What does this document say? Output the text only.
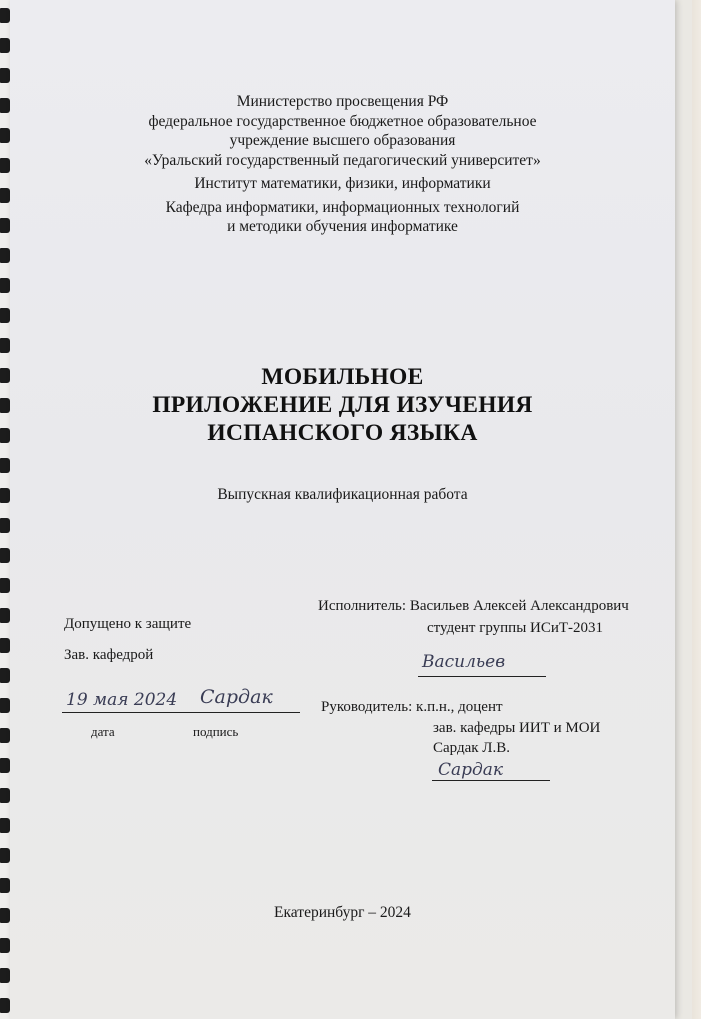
Министерство просвещения РФ
федеральное государственное бюджетное образовательное
учреждение высшего образования
«Уральский государственный педагогический университет»
Институт математики, физики, информатики
Кафедра информатики, информационных технологий
и методики обучения информатике
МОБИЛЬНОЕ
ПРИЛОЖЕНИЕ ДЛЯ ИЗУЧЕНИЯ
ИСПАНСКОГО ЯЗЫКА
Выпускная квалификационная работа
Допущено к защите
Зав. кафедрой
19 мая 2024 Сардак
дата	подпись
Исполнитель: Васильев Алексей Александрович
студент группы ИСиТ-2031
Васильев
Руководитель: к.п.н., доцент
зав. кафедры ИИТ и МОИ
Сардак Л.В.
Сардак
Екатеринбург – 2024
